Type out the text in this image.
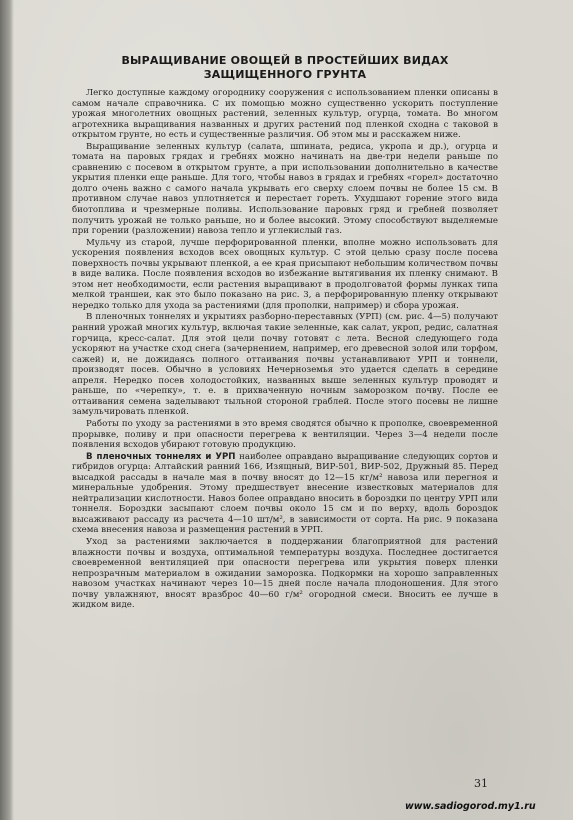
ВЫРАЩИВАНИЕ ОВОЩЕЙ В ПРОСТЕЙШИХ ВИДАХ
ЗАЩИЩЕННОГО ГРУНТА

Легко доступные каждому огороднику сооружения с использованием пленки описаны в самом начале справочника. С их помощью можно существенно ускорить поступление урожая многолетних овощных растений, зеленных культур, огурца, томата. Во многом агротехника выращивания названных и других растений под пленкой сходна с таковой в открытом грунте, но есть и существенные различия. Об этом мы и расскажем ниже.

Выращивание зеленных культур (салата, шпината, редиса, укропа и др.), огурца и томата на паровых грядах и гребнях можно начинать на две-три недели раньше по сравнению с посевом в открытом грунте, а при использовании дополнительно в качестве укрытия пленки еще раньше. Для того, чтобы навоз в грядах и гребнях «горел» достаточно долго очень важно с самого начала укрывать его сверху слоем почвы не более 15 см. В противном случае навоз уплотняется и перестает гореть. Ухудшают горение этого вида биотоплива и чрезмерные поливы. Использование паровых гряд и гребней позволяет получить урожай не только раньше, но и более высокий. Этому способствуют выделяемые при горении (разложении) навоза тепло и углекислый газ.

Мульчу из старой, лучше перфорированной пленки, вполне можно использовать для ускорения появления всходов всех овощных культур. С этой целью сразу после посева поверхность почвы укрывают пленкой, а ее края присыпают небольшим количеством почвы в виде валика. После появления всходов во избежание вытягивания их пленку снимают. В этом нет необходимости, если растения выращивают в продолговатой формы лунках типа мелкой траншеи, как это было показано на рис. 3, а перфорированную пленку открывают нередко только для ухода за растениями (для прополки, например) и сбора урожая.

В пленочных тоннелях и укрытиях разборно-переставных (УРП) (см. рис. 4—5) получают ранний урожай многих культур, включая такие зеленные, как салат, укроп, редис, салатная горчица, кресс-салат. Для этой цели почву готовят с лета. Весной следующего года ускоряют на участке сход снега (зачернением, например, его древесной золой или торфом, сажей) и, не дожидаясь полного оттаивания почвы устанавливают УРП и тоннели, производят посев. Обычно в условиях Нечерноземья это удается сделать в середине апреля. Нередко посев холодостойких, названных выше зеленных культур проводят и раньше, по «черепку», т. е. в прихваченную ночным заморозком почву. После ее оттаивания семена заделывают тыльной стороной граблей. После этого посевы не лишне замульчировать пленкой.

Работы по уходу за растениями в это время сводятся обычно к прополке, своевременной прорывке, поливу и при опасности перегрева к вентиляции. Через 3—4 недели после появления всходов убирают готовую продукцию.

В пленочных тоннелях и УРП наиболее оправдано выращивание следующих сортов и гибридов огурца: Алтайский ранний 166, Изящный, ВИР-501, ВИР-502, Дружный 85. Перед высадкой рассады в начале мая в почву вносят до 12—15 кг/м² навоза или перегноя и минеральные удобрения. Этому предшествует внесение известковых материалов для нейтрализации кислотности. Навоз более оправдано вносить в бороздки по центру УРП или тоннеля. Бороздки засыпают слоем почвы около 15 см и по верху, вдоль бороздок высаживают рассаду из расчета 4—10 шт/м², в зависимости от сорта. На рис. 9 показана схема внесения навоза и размещения растений в УРП.

Уход за растениями заключается в поддержании благоприятной для растений влажности почвы и воздуха, оптимальной температуры воздуха. Последнее достигается своевременной вентиляцией при опасности перегрева или укрытия поверх пленки непрозрачным материалом в ожидании заморозка. Подкормки на хорошо заправленных навозом участках начинают через 10—15 дней после начала плодоношения. Для этого почву увлажняют, вносят вразброс 40—60 г/м² огородной смеси. Вносить ее лучше в жидком виде.

31
www.sadiogorod.my1.ru
